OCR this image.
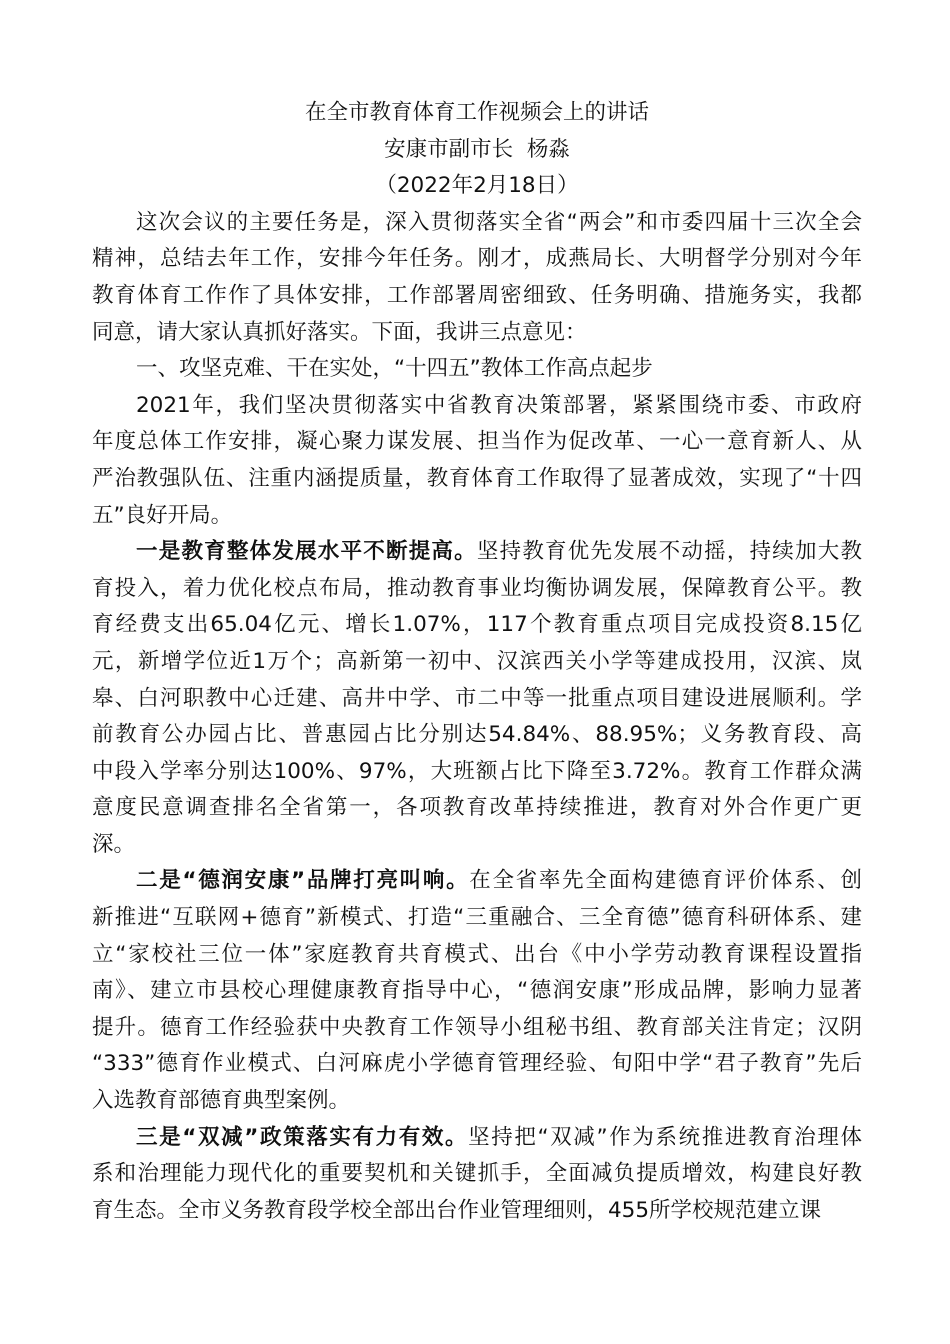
在全市教育体育工作视频会上的讲话
安康市副市长  杨淼
（2022年2月18日）
这次会议的主要任务是，深入贯彻落实全省“两会”和市委四届十三次全会
精神，总结去年工作，安排今年任务。刚才，成燕局长、大明督学分别对今年
教育体育工作作了具体安排，工作部署周密细致、任务明确、措施务实，我都
同意，请大家认真抓好落实。下面，我讲三点意见：
一、攻坚克难、干在实处，“十四五”教体工作高点起步
2021年，我们坚决贯彻落实中省教育决策部署，紧紧围绕市委、市政府
年度总体工作安排，凝心聚力谋发展、担当作为促改革、一心一意育新人、从
严治教强队伍、注重内涵提质量，教育体育工作取得了显著成效，实现了“十四
五”良好开局。
一是教育整体发展水平不断提高。坚持教育优先发展不动摇，持续加大教
育投入，着力优化校点布局，推动教育事业均衡协调发展，保障教育公平。教
育经费支出65.04亿元、增长1.07%，117个教育重点项目完成投资8.15亿
元，新增学位近1万个；高新第一初中、汉滨西关小学等建成投用，汉滨、岚
皋、白河职教中心迁建、高井中学、市二中等一批重点项目建设进展顺利。学
前教育公办园占比、普惠园占比分别达54.84%、88.95%；义务教育段、高
中段入学率分别达100%、97%，大班额占比下降至3.72%。教育工作群众满
意度民意调查排名全省第一，各项教育改革持续推进，教育对外合作更广更
深。
二是“德润安康”品牌打亮叫响。在全省率先全面构建德育评价体系、创
新推进“互联网+德育”新模式、打造“三重融合、三全育德”德育科研体系、建
立“家校社三位一体”家庭教育共育模式、出台《中小学劳动教育课程设置指
南》、建立市县校心理健康教育指导中心，“德润安康”形成品牌，影响力显著
提升。德育工作经验获中央教育工作领导小组秘书组、教育部关注肯定；汉阴
“333”德育作业模式、白河麻虎小学德育管理经验、旬阳中学“君子教育”先后
入选教育部德育典型案例。
三是“双减”政策落实有力有效。坚持把“双减”作为系统推进教育治理体
系和治理能力现代化的重要契机和关键抓手，全面减负提质增效，构建良好教
育生态。全市义务教育段学校全部出台作业管理细则，455所学校规范建立课
